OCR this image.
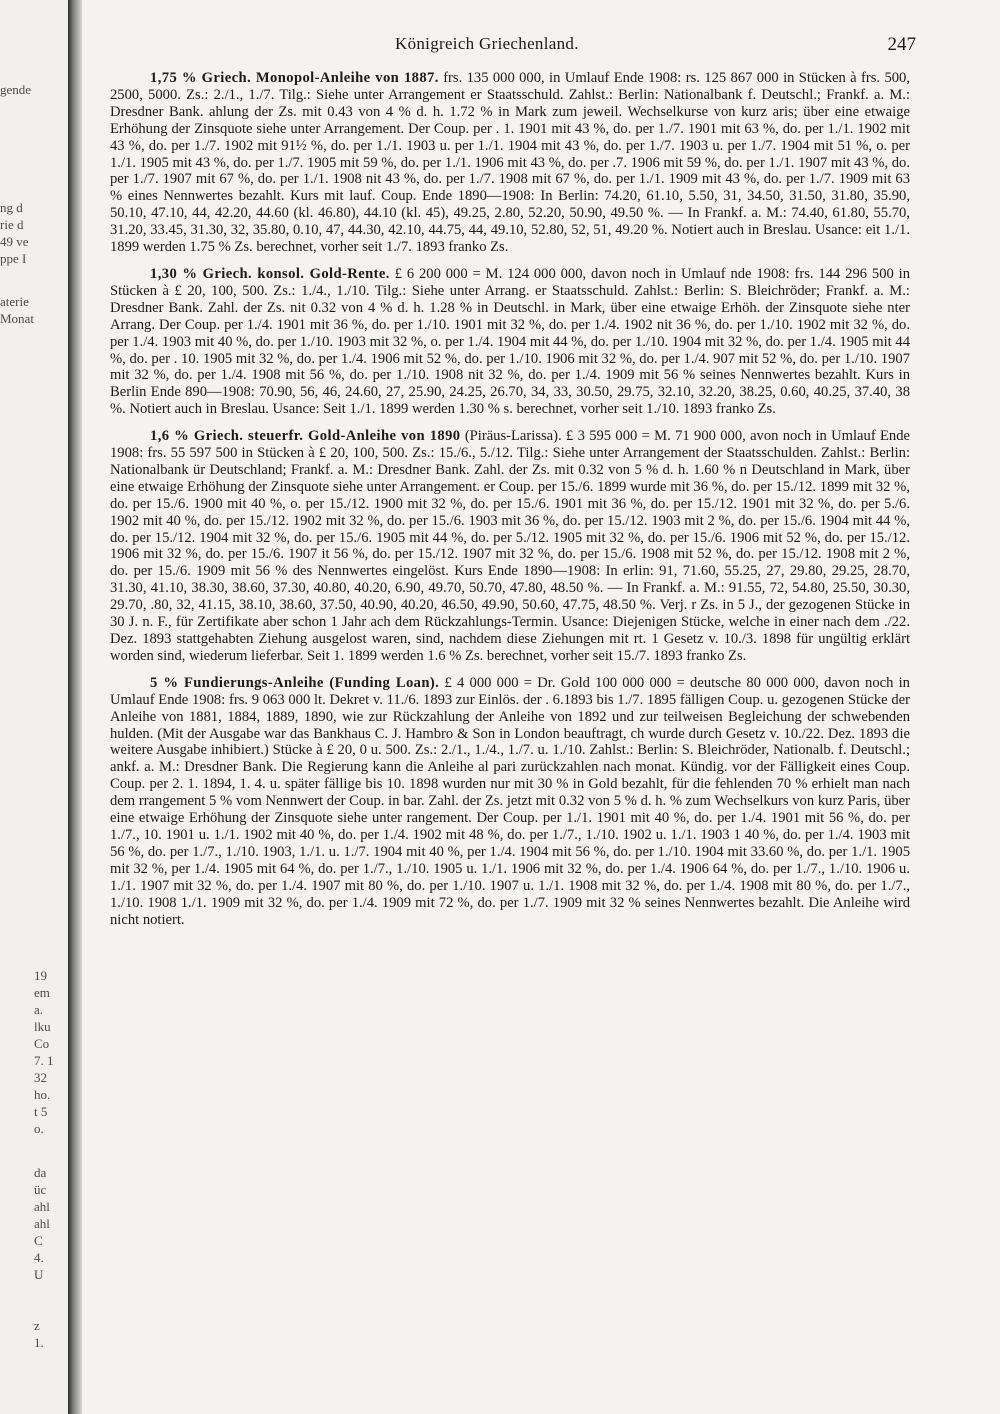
gende
ng d
rie d
49 ve
ppe I
aterie
Monat
19
em
a.
lku
Co
7. 1
32
ho.
t 5
o.
da
üc
ahl
ahl
C
4.
U
z
1.
Königreich Griechenland.	247

1,75 % Griech. Monopol-Anleihe von 1887. frs. 135 000 000, in Umlauf Ende 1908: rs. 125 867 000 in Stücken à frs. 500, 2500, 5000. Zs.: 2./1., 1./7. Tilg.: Siehe unter Arrangement er Staatsschuld. Zahlst.: Berlin: Nationalbank f. Deutschl.; Frankf. a. M.: Dresdner Bank. ahlung der Zs. mit 0.43 von 4 % d. h. 1.72 % in Mark zum jeweil. Wechselkurse von kurz aris; über eine etwaige Erhöhung der Zinsquote siehe unter Arrangement. Der Coup. per . 1. 1901 mit 43 %, do. per 1./7. 1901 mit 63 %, do. per 1./1. 1902 mit 43 %, do. per 1./7. 1902 mit 91½ %, do. per 1./1. 1903 u. per 1./1. 1904 mit 43 %, do. per 1./7. 1903 u. per 1./7. 1904 mit 51 %, o. per 1./1. 1905 mit 43 %, do. per 1./7. 1905 mit 59 %, do. per 1./1. 1906 mit 43 %, do. per .7. 1906 mit 59 %, do. per 1./1. 1907 mit 43 %, do. per 1./7. 1907 mit 67 %, do. per 1./1. 1908 nit 43 %, do. per 1./7. 1908 mit 67 %, do. per 1./1. 1909 mit 43 %, do. per 1./7. 1909 mit 63 % eines Nennwertes bezahlt. Kurs mit lauf. Coup. Ende 1890—1908: In Berlin: 74.20, 61.10, 5.50, 31, 34.50, 31.50, 31.80, 35.90, 50.10, 47.10, 44, 42.20, 44.60 (kl. 46.80), 44.10 (kl. 45), 49.25, 2.80, 52.20, 50.90, 49.50 %. — In Frankf. a. M.: 74.40, 61.80, 55.70, 31.20, 33.45, 31.30, 32, 35.80, 0.10, 47, 44.30, 42.10, 44.75, 44, 49.10, 52.80, 52, 51, 49.20 %. Notiert auch in Breslau. Usance: eit 1./1. 1899 werden 1.75 % Zs. berechnet, vorher seit 1./7. 1893 franko Zs.

1,30 % Griech. konsol. Gold-Rente. £ 6 200 000 = M. 124 000 000, davon noch in Umlauf nde 1908: frs. 144 296 500 in Stücken à £ 20, 100, 500. Zs.: 1./4., 1./10. Tilg.: Siehe unter Arrang. er Staatsschuld. Zahlst.: Berlin: S. Bleichröder; Frankf. a. M.: Dresdner Bank. Zahl. der Zs. nit 0.32 von 4 % d. h. 1.28 % in Deutschl. in Mark, über eine etwaige Erhöh. der Zinsquote siehe nter Arrang. Der Coup. per 1./4. 1901 mit 36 %, do. per 1./10. 1901 mit 32 %, do. per 1./4. 1902 nit 36 %, do. per 1./10. 1902 mit 32 %, do. per 1./4. 1903 mit 40 %, do. per 1./10. 1903 mit 32 %, o. per 1./4. 1904 mit 44 %, do. per 1./10. 1904 mit 32 %, do. per 1./4. 1905 mit 44 %, do. per . 10. 1905 mit 32 %, do. per 1./4. 1906 mit 52 %, do. per 1./10. 1906 mit 32 %, do. per 1./4. 907 mit 52 %, do. per 1./10. 1907 mit 32 %, do. per 1./4. 1908 mit 56 %, do. per 1./10. 1908 nit 32 %, do. per 1./4. 1909 mit 56 % seines Nennwertes bezahlt. Kurs in Berlin Ende 890—1908: 70.90, 56, 46, 24.60, 27, 25.90, 24.25, 26.70, 34, 33, 30.50, 29.75, 32.10, 32.20, 38.25, 0.60, 40.25, 37.40, 38 %. Notiert auch in Breslau. Usance: Seit 1./1. 1899 werden 1.30 % s. berechnet, vorher seit 1./10. 1893 franko Zs.

1,6 % Griech. steuerfr. Gold-Anleihe von 1890 (Piräus-Larissa). £ 3 595 000 = M. 71 900 000, avon noch in Umlauf Ende 1908: frs. 55 597 500 in Stücken à £ 20, 100, 500. Zs.: 15./6., 5./12. Tilg.: Siehe unter Arrangement der Staatsschulden. Zahlst.: Berlin: Nationalbank ür Deutschland; Frankf. a. M.: Dresdner Bank. Zahl. der Zs. mit 0.32 von 5 % d. h. 1.60 % n Deutschland in Mark, über eine etwaige Erhöhung der Zinsquote siehe unter Arrangement. er Coup. per 15./6. 1899 wurde mit 36 %, do. per 15./12. 1899 mit 32 %, do. per 15./6. 1900 mit 40 %, o. per 15./12. 1900 mit 32 %, do. per 15./6. 1901 mit 36 %, do. per 15./12. 1901 mit 32 %, do. per 5./6. 1902 mit 40 %, do. per 15./12. 1902 mit 32 %, do. per 15./6. 1903 mit 36 %, do. per 15./12. 1903 mit 2 %, do. per 15./6. 1904 mit 44 %, do. per 15./12. 1904 mit 32 %, do. per 15./6. 1905 mit 44 %, do. per 5./12. 1905 mit 32 %, do. per 15./6. 1906 mit 52 %, do. per 15./12. 1906 mit 32 %, do. per 15./6. 1907 it 56 %, do. per 15./12. 1907 mit 32 %, do. per 15./6. 1908 mit 52 %, do. per 15./12. 1908 mit 2 %, do. per 15./6. 1909 mit 56 % des Nennwertes eingelöst. Kurs Ende 1890—1908: In erlin: 91, 71.60, 55.25, 27, 29.80, 29.25, 28.70, 31.30, 41.10, 38.30, 38.60, 37.30, 40.80, 40.20, 6.90, 49.70, 50.70, 47.80, 48.50 %. — In Frankf. a. M.: 91.55, 72, 54.80, 25.50, 30.30, 29.70, .80, 32, 41.15, 38.10, 38.60, 37.50, 40.90, 40.20, 46.50, 49.90, 50.60, 47.75, 48.50 %. Verj. r Zs. in 5 J., der gezogenen Stücke in 30 J. n. F., für Zertifikate aber schon 1 Jahr ach dem Rückzahlungs-Termin. Usance: Diejenigen Stücke, welche in einer nach dem ./22. Dez. 1893 stattgehabten Ziehung ausgelost waren, sind, nachdem diese Ziehungen mit rt. 1 Gesetz v. 10./3. 1898 für ungültig erklärt worden sind, wiederum lieferbar. Seit 1. 1899 werden 1.6 % Zs. berechnet, vorher seit 15./7. 1893 franko Zs.

5 % Fundierungs-Anleihe (Funding Loan). £ 4 000 000 = Dr. Gold 100 000 000 = deutsche 80 000 000, davon noch in Umlauf Ende 1908: frs. 9 063 000 lt. Dekret v. 11./6. 1893 zur Einlös. der . 6.1893 bis 1./7. 1895 fälligen Coup. u. gezogenen Stücke der Anleihe von 1881, 1884, 1889, 1890, wie zur Rückzahlung der Anleihe von 1892 und zur teilweisen Begleichung der schwebenden hulden. (Mit der Ausgabe war das Bankhaus C. J. Hambro & Son in London beauftragt, ch wurde durch Gesetz v. 10./22. Dez. 1893 die weitere Ausgabe inhibiert.) Stücke à £ 20, 0 u. 500. Zs.: 2./1., 1./4., 1./7. u. 1./10. Zahlst.: Berlin: S. Bleichröder, Nationalb. f. Deutschl.; ankf. a. M.: Dresdner Bank. Die Regierung kann die Anleihe al pari zurückzahlen nach monat. Kündig. vor der Fälligkeit eines Coup. Coup. per 2. 1. 1894, 1. 4. u. später fällige bis 10. 1898 wurden nur mit 30 % in Gold bezahlt, für die fehlenden 70 % erhielt man nach dem rrangement 5 % vom Nennwert der Coup. in bar. Zahl. der Zs. jetzt mit 0.32 von 5 % d. h. % zum Wechselkurs von kurz Paris, über eine etwaige Erhöhung der Zinsquote siehe unter rangement. Der Coup. per 1./1. 1901 mit 40 %, do. per 1./4. 1901 mit 56 %, do. per 1./7., 10. 1901 u. 1./1. 1902 mit 40 %, do. per 1./4. 1902 mit 48 %, do. per 1./7., 1./10. 1902 u. 1./1. 1903 1 40 %, do. per 1./4. 1903 mit 56 %, do. per 1./7., 1./10. 1903, 1./1. u. 1./7. 1904 mit 40 %, per 1./4. 1904 mit 56 %, do. per 1./10. 1904 mit 33.60 %, do. per 1./1. 1905 mit 32 %, per 1./4. 1905 mit 64 %, do. per 1./7., 1./10. 1905 u. 1./1. 1906 mit 32 %, do. per 1./4. 1906 64 %, do. per 1./7., 1./10. 1906 u. 1./1. 1907 mit 32 %, do. per 1./4. 1907 mit 80 %, do. per 1./10. 1907 u. 1./1. 1908 mit 32 %, do. per 1./4. 1908 mit 80 %, do. per 1./7., 1./10. 1908 1./1. 1909 mit 32 %, do. per 1./4. 1909 mit 72 %, do. per 1./7. 1909 mit 32 % seines Nennwertes bezahlt. Die Anleihe wird nicht notiert.
